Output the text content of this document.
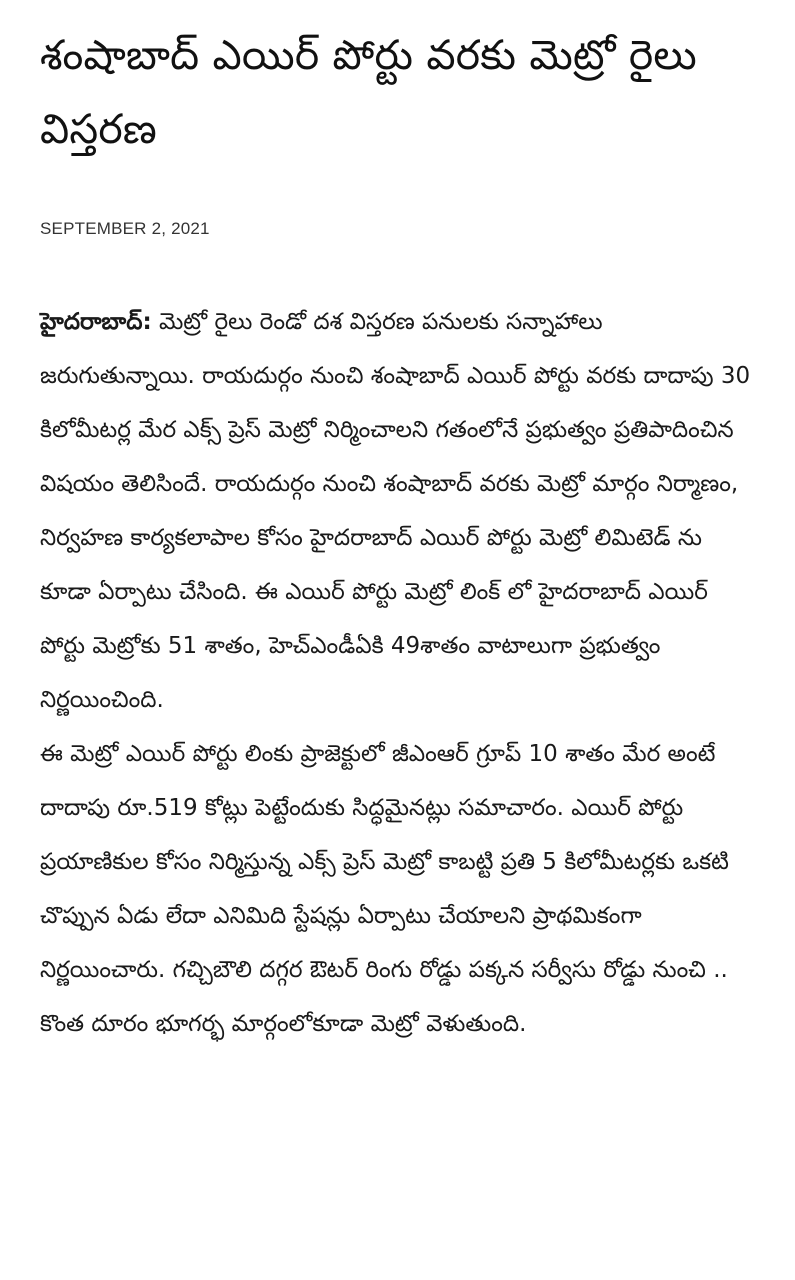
శంషాబాద్ ఎయిర్ పోర్టు వరకు మెట్రో రైలు విస్తరణ
SEPTEMBER 2, 2021

హైదరాబాద్: మెట్రో రైలు రెండో దశ విస్తరణ పనులకు సన్నాహాలు జరుగుతున్నాయి. రాయదుర్గం నుంచి శంషాబాద్ ఎయిర్ పోర్టు వరకు దాదాపు 30 కిలోమీటర్ల మేర ఎక్స్ ప్రెస్ మెట్రో నిర్మించాలని గతంలోనే ప్రభుత్వం ప్రతిపాదించిన విషయం తెలిసిందే. రాయదుర్గం నుంచి శంషాబాద్ వరకు మెట్రో మార్గం నిర్మాణం, నిర్వహణ కార్యకలాపాల కోసం హైదరాబాద్ ఎయిర్ పోర్టు మెట్రో లిమిటెడ్ ను కూడా ఏర్పాటు చేసింది. ఈ ఎయిర్ పోర్టు మెట్రో లింక్ లో హైదరాబాద్ ఎయిర్ పోర్టు మెట్రోకు 51 శాతం, హెచ్ఎండీఏకి 49శాతం వాటాలుగా ప్రభుత్వం నిర్ణయించింది.

ఈ మెట్రో ఎయిర్ పోర్టు లింకు ప్రాజెక్టులో జీఎంఆర్ గ్రూప్ 10 శాతం మేర అంటే దాదాపు రూ.519 కోట్లు పెట్టేందుకు సిద్ధమైనట్లు సమాచారం. ఎయిర్ పోర్టు ప్రయాణికుల కోసం నిర్మిస్తున్న ఎక్స్ ప్రెస్ మెట్రో కాబట్టి ప్రతి 5 కిలోమీటర్లకు ఒకటి చొప్పున ఏడు లేదా ఎనిమిది స్టేషన్లు ఏర్పాటు చేయాలని ప్రాథమికంగా నిర్ణయించారు. గచ్చిబౌలి దగ్గర ఔటర్ రింగు రోడ్డు పక్కన సర్వీసు రోడ్డు నుంచి .. కొంత దూరం భూగర్భ మార్గంలోకూడా మెట్రో వెళుతుంది.
